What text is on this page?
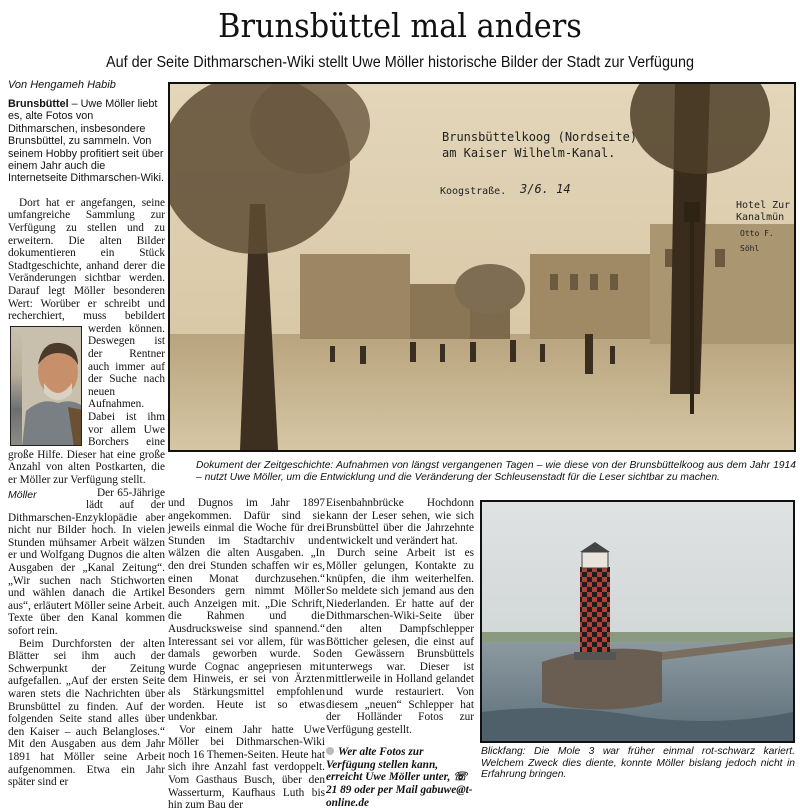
Brunsbüttel mal anders
Auf der Seite Dithmarschen-Wiki stellt Uwe Möller historische Bilder der Stadt zur Verfügung
Von Hengameh Habib

Brunsbüttel – Uwe Möller liebt es, alte Fotos von Dithmarschen, insbesondere Brunsbüttel, zu sammeln. Von seinem Hobby profitiert seit über einem Jahr auch die Internetseite Dithmarschen-Wiki.

Dort hat er angefangen, seine umfangreiche Sammlung zur Verfügung zu stellen und zu erweitern. Die alten Bilder dokumentieren ein Stück Stadtgeschichte, anhand derer die Veränderungen sichtbar werden. Darauf legt Möller besonderen Wert: Worüber er schreibt und recherchiert, muss bebildert
werden können. Deswegen ist der Rentner auch immer auf der Suche nach neuen Aufnahmen. Dabei ist ihm vor allem Uwe Borchers eine große Hilfe. Dieser hat eine große Anzahl von alten Postkarten, die er Möller zur Verfügung stellt.
Möller	Der 65-Jährige lädt auf der Dithmarschen-Enzyklopädie aber nicht nur Bilder hoch. In vielen Stunden mühsamer Arbeit wälzen er und Wolfgang Dugnos die alten Ausgaben der „Kanal Zeitung“. „Wir suchen nach Stichworten und wählen danach die Artikel aus“, erläutert Möller seine Arbeit. Texte über den Kanal kommen sofort rein.

Beim Durchforsten der alten Blätter sei ihm auch der Schwerpunkt der Zeitung aufgefallen. „Auf der ersten Seite waren stets die Nachrichten über Brunsbüttel zu finden. Auf der folgenden Seite stand alles über den Kaiser – auch Belangloses.“ Mit den Ausgaben aus dem Jahr 1891 hat Möller seine Arbeit aufgenommen. Etwa ein Jahr später sind er

Brunsbüttelkoog (Nordseite)
am Kaiser Wilhelm-Kanal.
Koogstraße. 3/6. 14
Hotel Zur Kanalmün
Otto F. Söhl
Dokument der Zeitgeschichte: Aufnahmen von längst vergangenen Tagen – wie diese von der Brunsbüttelkoog aus dem Jahr 1914 – nutzt Uwe Möller, um die Entwicklung und die Veränderung der Schleusenstadt für die Leser sichtbar zu machen.

und Dugnos im Jahr 1897 angekommen. Dafür sind sie jeweils einmal die Woche für drei Stunden im Stadtarchiv und wälzen die alten Ausgaben. „In den drei Stunden schaffen wir es, einen Monat durchzusehen.“ Besonders gern nimmt Möller auch Anzeigen mit. „Die Schrift, die Rahmen und die Ausdrucksweise sind spannend.“ Interessant sei vor allem, für was damals geworben wurde. So wurde Cognac angepriesen mit dem Hinweis, er sei von Ärzten als Stärkungsmittel empfohlen worden. Heute ist so etwas undenkbar.

Vor einem Jahr hatte Uwe Möller bei Dithmarschen-Wiki noch 16 Themen-Seiten. Heute hat sich ihre Anzahl fast verdoppelt. Vom Gasthaus Busch, über den Wasserturm, Kaufhaus Luth bis hin zum Bau der

Eisenbahnbrücke Hochdonn kann der Leser sehen, wie sich Brunsbüttel über die Jahrzehnte entwickelt und verändert hat.

Durch seine Arbeit ist es Möller gelungen, Kontakte zu knüpfen, die ihm weiterhelfen. So meldete sich jemand aus den Niederlanden. Er hatte auf der Dithmarschen-Wiki-Seite über den alten Dampfschlepper Bötticher gelesen, die einst auf den Gewässern Brunsbüttels unterwegs war. Dieser ist mittlerweile in Holland gelandet und wurde restauriert. Von diesem „neuen“ Schlepper hat der Holländer Fotos zur Verfügung gestellt.

Wer alte Fotos zur Verfügung stellen kann, erreicht Uwe Möller unter, ☏ 21 89 oder per Mail gabuwe@t-online.de

Blickfang: Die Mole 3 war früher einmal rot-schwarz kariert. Welchem Zweck dies diente, konnte Möller bislang jedoch nicht in Erfahrung bringen.
